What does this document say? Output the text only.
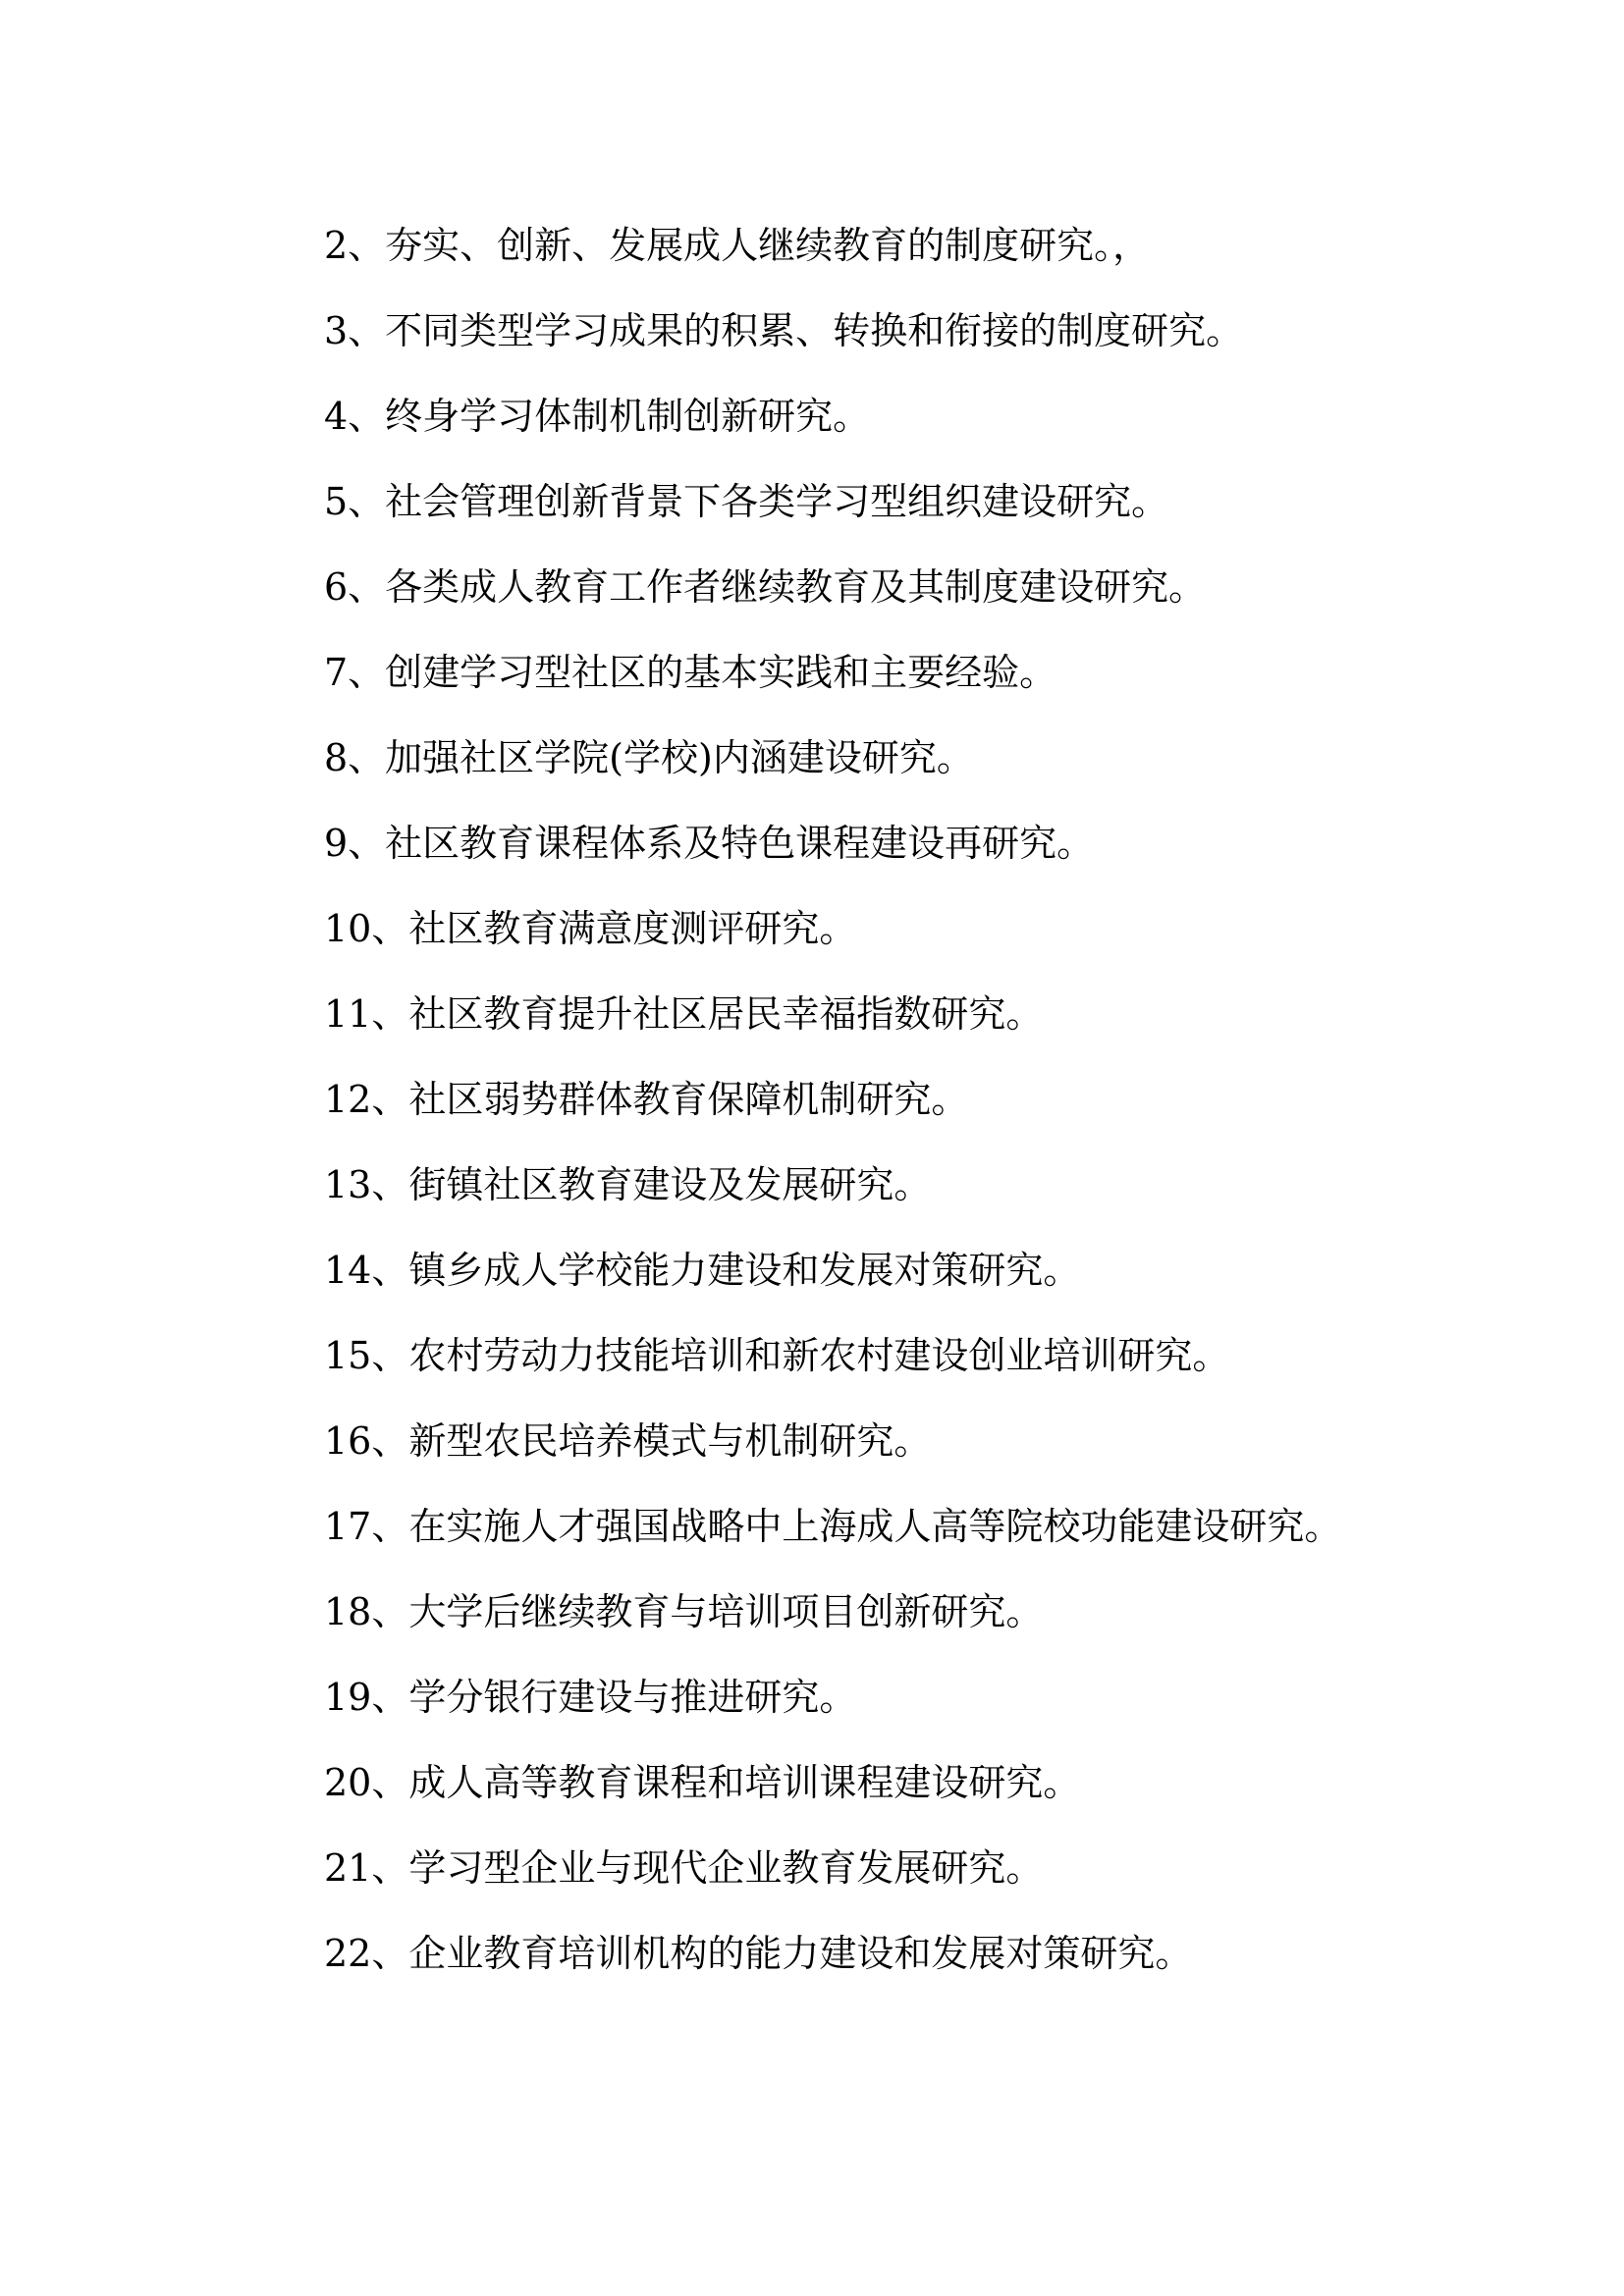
2、夯实、创新、发展成人继续教育的制度研究。，
3、不同类型学习成果的积累、转换和衔接的制度研究。
4、终身学习体制机制创新研究。
5、社会管理创新背景下各类学习型组织建设研究。
6、各类成人教育工作者继续教育及其制度建设研究。
7、创建学习型社区的基本实践和主要经验。
8、加强社区学院(学校)内涵建设研究。
9、社区教育课程体系及特色课程建设再研究。
10、社区教育满意度测评研究。
11、社区教育提升社区居民幸福指数研究。
12、社区弱势群体教育保障机制研究。
13、街镇社区教育建设及发展研究。
14、镇乡成人学校能力建设和发展对策研究。
15、农村劳动力技能培训和新农村建设创业培训研究。
16、新型农民培养模式与机制研究。
17、在实施人才强国战略中上海成人高等院校功能建设研究。
18、大学后继续教育与培训项目创新研究。
19、学分银行建设与推进研究。
20、成人高等教育课程和培训课程建设研究。
21、学习型企业与现代企业教育发展研究。
22、企业教育培训机构的能力建设和发展对策研究。
